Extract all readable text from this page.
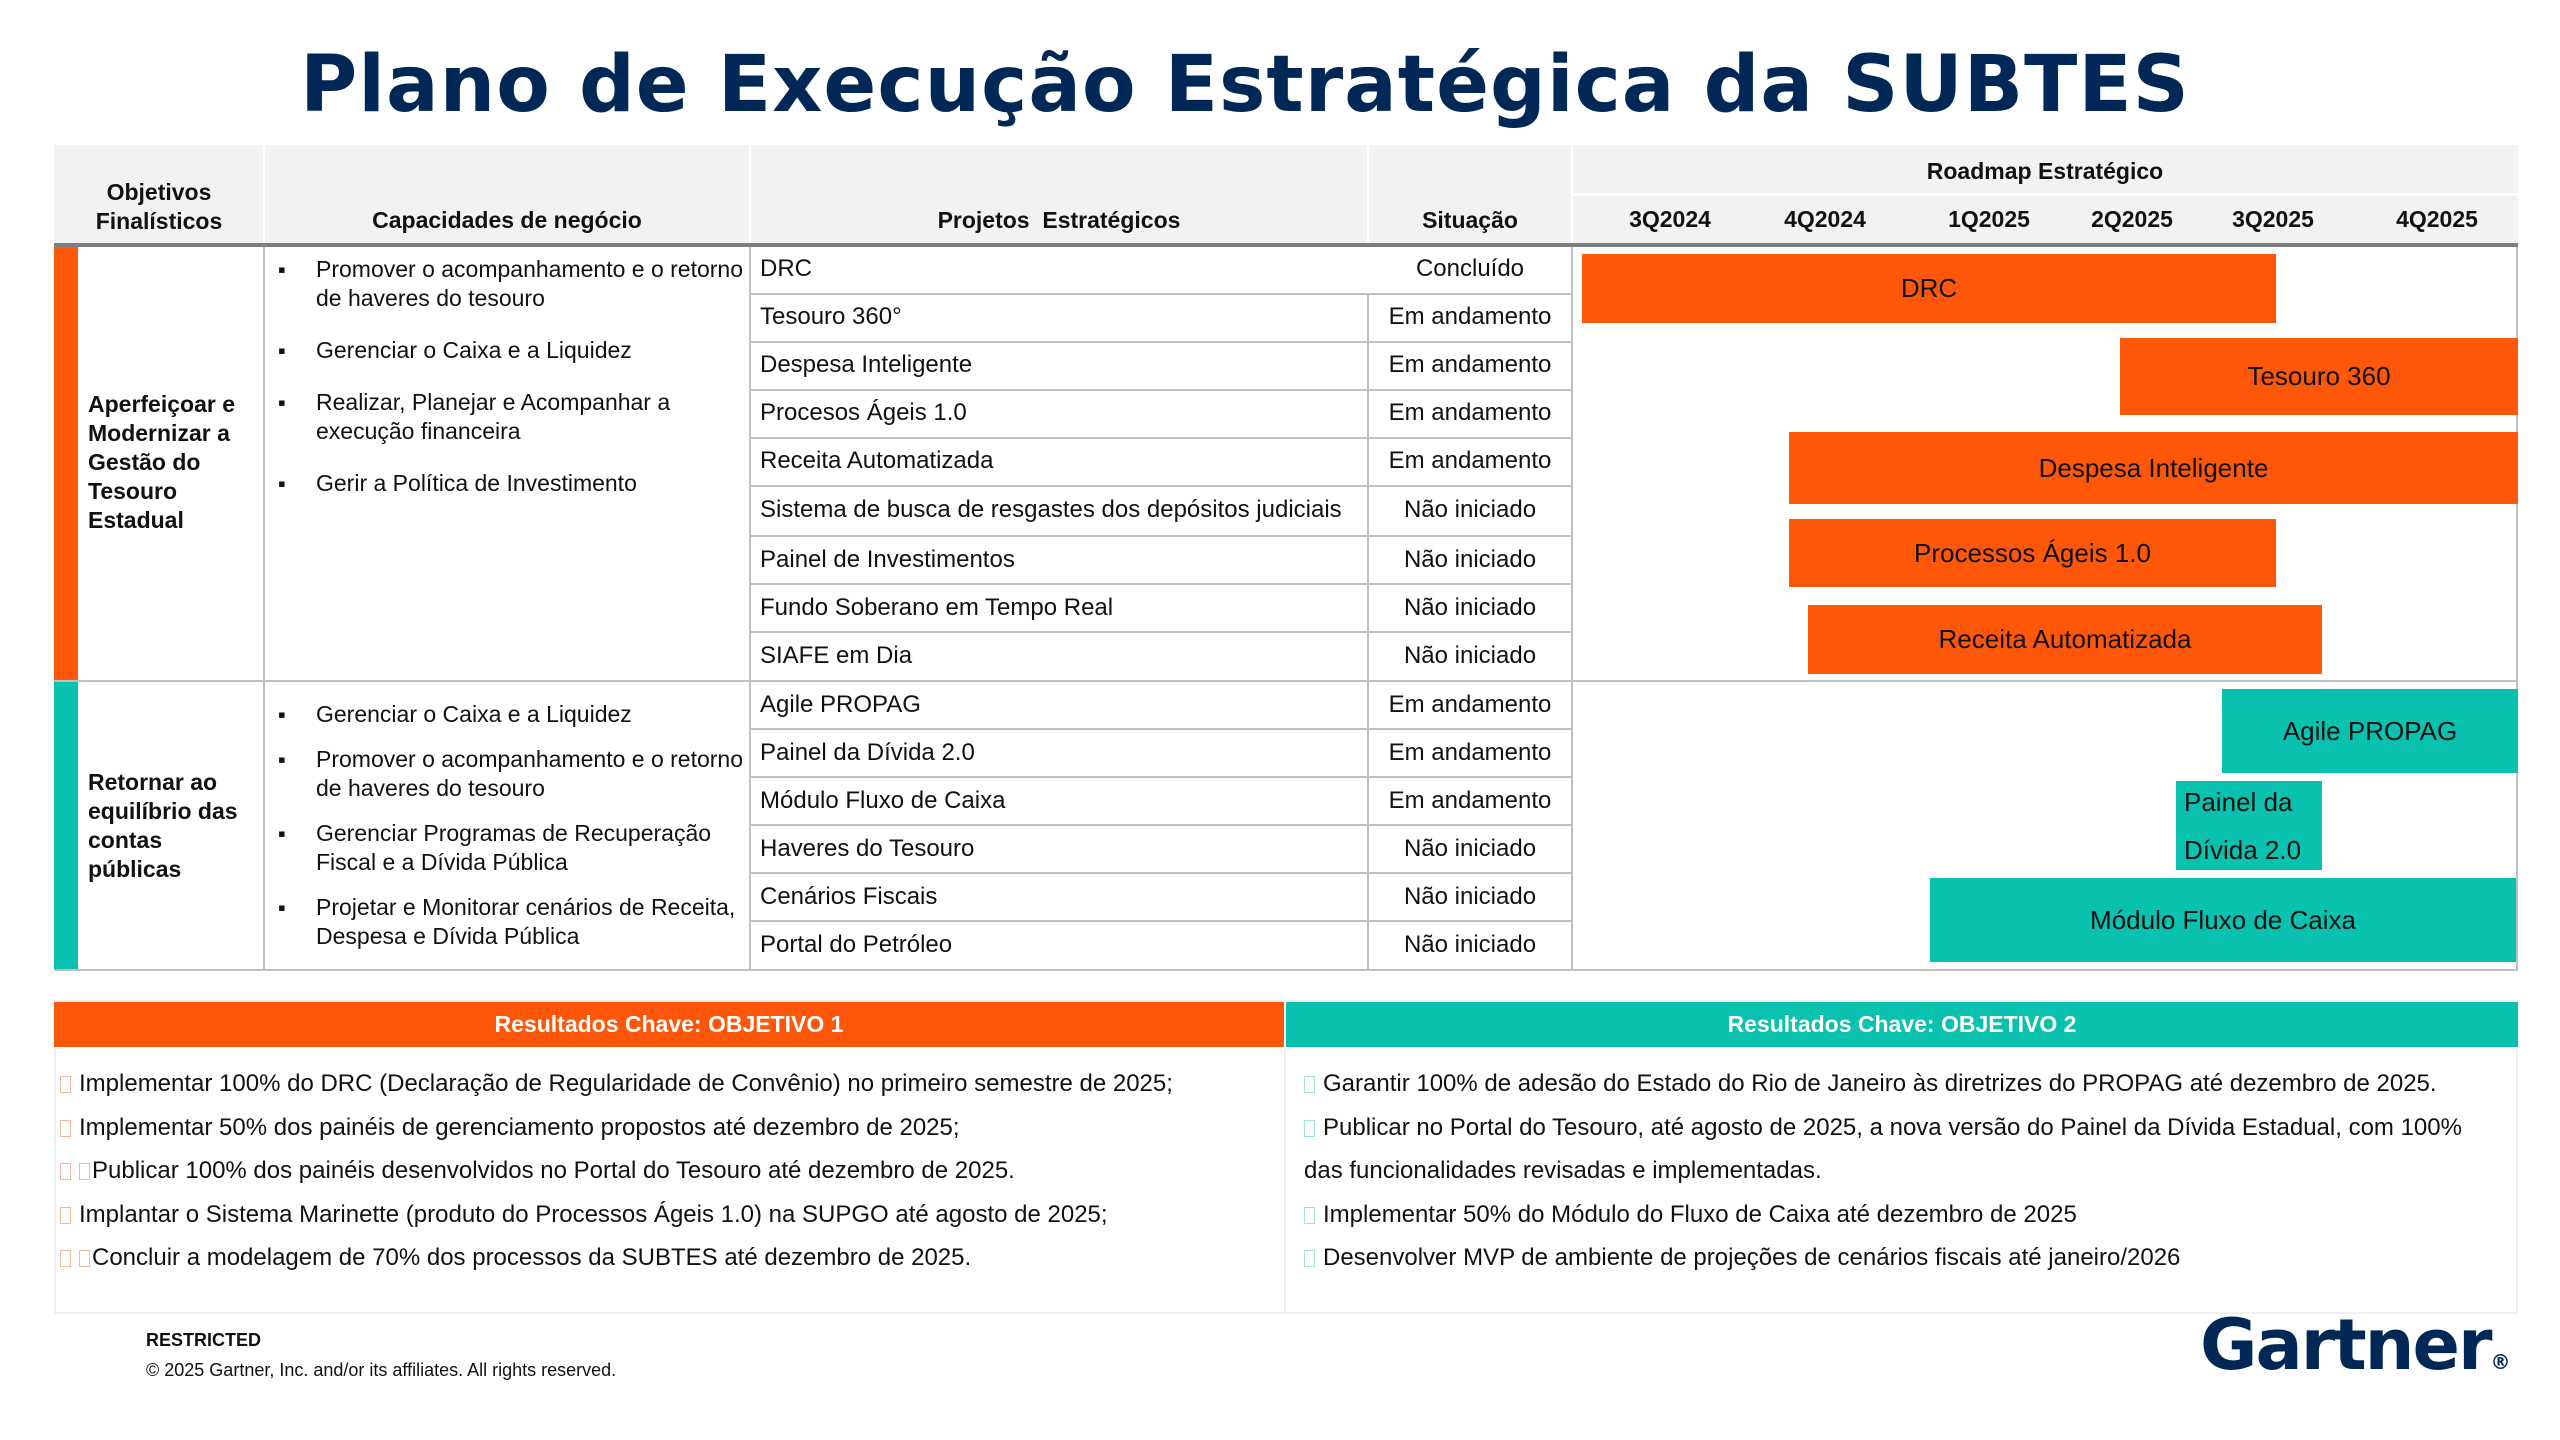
Plano de Execução Estratégica da SUBTES
Objetivos Finalísticos	Capacidades de negócio	Projetos  Estratégicos	Situação
Roadmap Estratégico
3Q2024	4Q2024	1Q2025	2Q2025	3Q2025	4Q2025
Aperfeiçoar e Modernizar a Gestão do Tesouro Estadual
▪ Promover o acompanhamento e o retorno de haveres do tesouro
▪ Gerenciar o Caixa e a Liquidez
▪ Realizar, Planejar e Acompanhar a execução financeira
▪ Gerir a Política de Investimento
DRC	Concluído
Tesouro 360°	Em andamento
Despesa Inteligente	Em andamento
Procesos Ágeis 1.0	Em andamento
Receita Automatizada	Em andamento
Sistema de busca de resgastes dos depósitos judiciais	Não iniciado
Painel de Investimentos	Não iniciado
Fundo Soberano em Tempo Real	Não iniciado
SIAFE em Dia	Não iniciado
DRC
Tesouro 360
Despesa Inteligente
Processos Ágeis 1.0
Receita Automatizada
Retornar ao equilíbrio das contas públicas
▪ Gerenciar o Caixa e a Liquidez
▪ Promover o acompanhamento e o retorno de haveres do tesouro
▪ Gerenciar Programas de Recuperação Fiscal e a Dívida Pública
▪ Projetar e Monitorar cenários de Receita, Despesa e Dívida Pública
Agile PROPAG	Em andamento
Painel da Dívida 2.0	Em andamento
Módulo Fluxo de Caixa	Em andamento
Haveres do Tesouro	Não iniciado
Cenários Fiscais	Não iniciado
Portal do Petróleo	Não iniciado
Agile PROPAG
Painel da Dívida 2.0
Módulo Fluxo de Caixa
Resultados Chave: OBJETIVO 1	Resultados Chave: OBJETIVO 2
Implementar 100% do DRC (Declaração de Regularidade de Convênio) no primeiro semestre de 2025;
Implementar 50% dos painéis de gerenciamento propostos até dezembro de 2025;
Publicar 100% dos painéis desenvolvidos no Portal do Tesouro até dezembro de 2025.
Implantar o Sistema Marinette (produto do Processos Ágeis 1.0) na SUPGO até agosto de 2025;
Concluir a modelagem de 70% dos processos da SUBTES até dezembro de 2025.
Garantir 100% de adesão do Estado do Rio de Janeiro às diretrizes do PROPAG até dezembro de 2025.
Publicar no Portal do Tesouro, até agosto de 2025, a nova versão do Painel da Dívida Estadual, com 100%
das funcionalidades revisadas e implementadas.
Implementar 50% do Módulo do Fluxo de Caixa até dezembro de 2025
Desenvolver MVP de ambiente de projeções de cenários fiscais até janeiro/2026
RESTRICTED
© 2025 Gartner, Inc. and/or its affiliates. All rights reserved.	Gartner®
